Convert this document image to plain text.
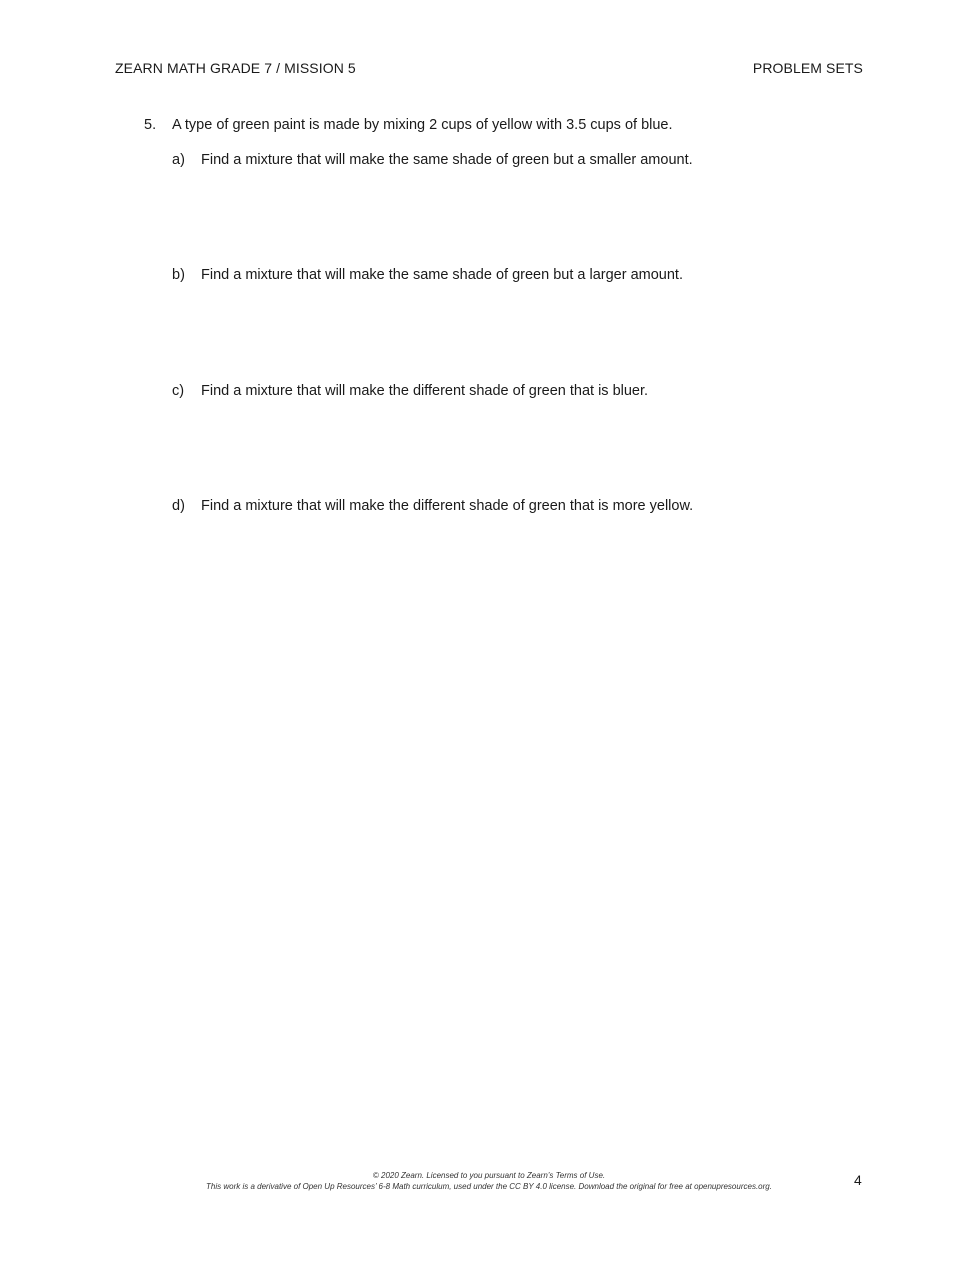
ZEARN MATH GRADE 7 / MISSION 5	PROBLEM SETS
5.	A type of green paint is made by mixing 2 cups of yellow with 3.5 cups of blue.
a)	Find a mixture that will make the same shade of green but a smaller amount.
b)	Find a mixture that will make the same shade of green but a larger amount.
c)	Find a mixture that will make the different shade of green that is bluer.
d)	Find a mixture that will make the different shade of green that is more yellow.
© 2020 Zearn. Licensed to you pursuant to Zearn’s Terms of Use.
This work is a derivative of Open Up Resources’ 6-8 Math curriculum, used under the CC BY 4.0 license. Download the original for free at openupresources.org.	4
